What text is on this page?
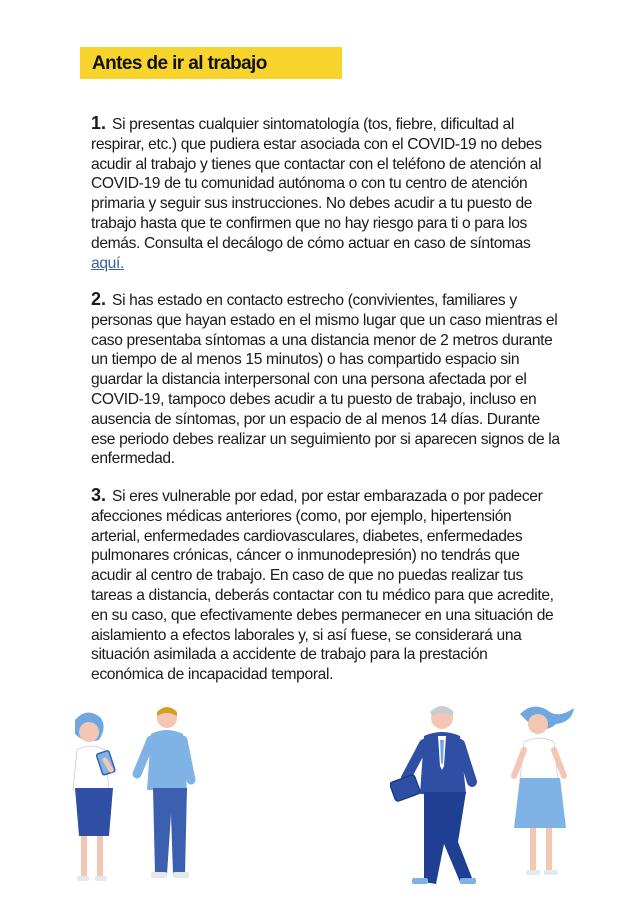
Antes de ir al trabajo

1. Si presentas cualquier sintomatología (tos, fiebre, dificultad al respirar, etc.) que pudiera estar asociada con el COVID-19 no debes acudir al trabajo y tienes que contactar con el teléfono de atención al COVID-19 de tu comunidad autónoma o con tu centro de atención primaria y seguir sus instrucciones. No debes acudir a tu puesto de trabajo hasta que te confirmen que no hay riesgo para ti o para los demás. Consulta el decálogo de cómo actuar en caso de síntomas aquí.

2. Si has estado en contacto estrecho (convivientes, familiares y personas que hayan estado en el mismo lugar que un caso mientras el caso presentaba síntomas a una distancia menor de 2 metros durante un tiempo de al menos 15 minutos) o has compartido espacio sin guardar la distancia interpersonal con una persona afectada por el COVID-19, tampoco debes acudir a tu puesto de trabajo, incluso en ausencia de síntomas, por un espacio de al menos 14 días. Durante ese periodo debes realizar un seguimiento por si aparecen signos de la enfermedad.

3. Si eres vulnerable por edad, por estar embarazada o por padecer afecciones médicas anteriores (como, por ejemplo, hipertensión arterial, enfermedades cardiovasculares, diabetes, enfermedades pulmonares crónicas, cáncer o inmunodepresión) no tendrás que acudir al centro de trabajo. En caso de que no puedas realizar tus tareas a distancia, deberás contactar con tu médico para que acredite, en su caso, que efectivamente debes permanecer en una situación de aislamiento a efectos laborales y, si así fuese, se considerará una situación asimilada a accidente de trabajo para la prestación económica de incapacidad temporal.
